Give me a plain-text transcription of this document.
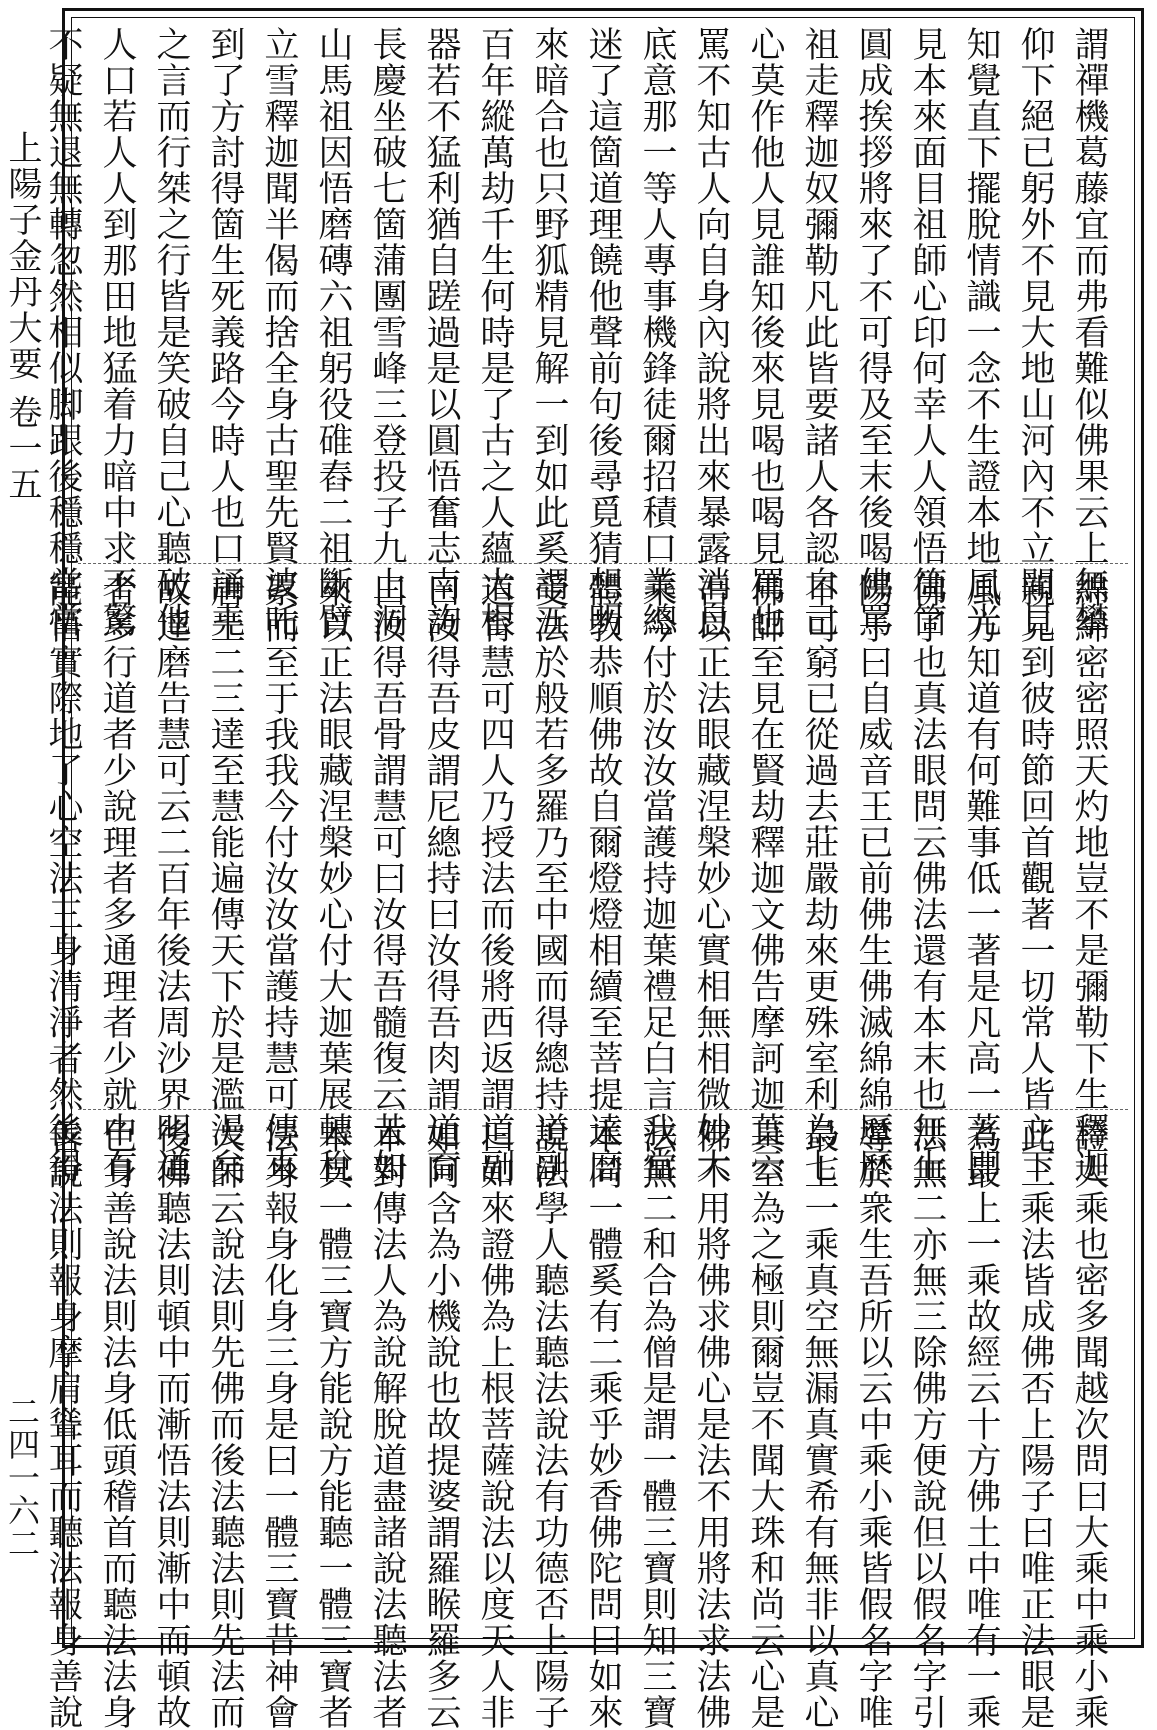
上陽子金丹大要 卷一五
二四一六二
謂禪機葛藤宜而弗看難似佛果云上無攀
仰下絕已躬外不見大地山河內不立聞見
知覺直下擺脫情識一念不生證本地風光
見本來面目祖師心印何幸人人領悟箇箇
圓成挨拶將來了不可得及至末後喝佛罵
祖走釋迦奴彌勒凡此皆要諸人各認自己
心莫作他人見誰知後來見喝也喝見罵也
罵不知古人向自身內說將出來暴露消息
底意那一等人專事機鋒徒爾招積口業總
迷了這箇道理饒他聲前句後尋覓猜想明
來暗合也只野狐精見解一到如此奚謂五
百年縱萬劫千生何時是了古之人蘊大根
器若不猛利猶自蹉過是以圓悟奮志南詢
長慶坐破七箇蒲團雪峰三登投子九上洞
山馬祖因悟磨磚六祖躬役碓舂二祖斷臂
立雪釋迦聞半偈而捨全身古聖先賢波吒
到了方討得箇生死義路今時人也口誦堯
之言而行桀之行皆是笑破自己心聽破他
人口若人人到那田地猛着力暗中求不驚
不疑無退無轉忽然相似脚跟後穩穩當當
綿綿密密照天灼地豈不是彌勒下生釋迦
親見到彼時節回首觀著一切常人皆立下
風方知道有何難事低一著是凡高一著即
佛了也真法眼問云佛法還有本末也無上
陽子曰自威音王已前佛生佛滅綿綿歷歷
不可窮已從過去莊嚴劫來更殊室利為七
佛師至見在賢劫釋迦文佛告摩訶迦葉云
吾以正法眼藏涅槃妙心實相無相微妙大
乘今付於汝汝當護持迦葉禮足白言我當
體教恭順佛故自爾燈燈相續至菩提達磨
受法於般若多羅乃至中國而得總持道副
道育慧可四人乃授法而後將西返謂道副
曰汝得吾皮謂尼總持曰汝得吾肉謂道育
曰汝得吾骨謂慧可曰汝得吾髓復云昔如
來以正法眼藏涅槃妙心付大迦葉展轉稅
累而至于我我今付汝汝當護持慧可傳來
唐土二三達至慧能遍傳天下於是濫漫矣
故達磨告慧可云二百年後法周沙界明道
者多行道者少說理者多通理者少就中有
能悟實際地了心空法三身清淨者然後得
證大乘也密多聞越次問曰大乘中乘小乘
此三乘法皆成佛否上陽子曰唯正法眼是
為最上一乘故經云十方佛土中唯有一乘
法無二亦無三除佛方便說但以假名字引
導於衆生吾所以云中乘小乘皆假名字唯
最上一乘真空無漏真實希有無非以真心
真空為之極則爾豈不聞大珠和尚云心是
佛不用將佛求佛心是法不用將法求法佛
法無二和合為僧是謂一體三寶則知三寶
本同一體奚有二乘乎妙香佛陀問曰如來
說法學人聽法聽法說法有功德否上陽子
曰如來證佛為上根菩薩說法以度天人非
如阿含為小機說也故提婆謂羅睺羅多云
本對傳法人為說解脫道盡諸說法聽法者
本具一體三寶方能說方能聽一體三寶者
法身報身化身三身是曰一體三寶昔神會
大師云說法則先佛而後法聽法則先法而
後佛聽法則頓中而漸悟法則漸中而頓故
色身善說法則法身低頭稽首而聽法法身
善說法則報身摩肩聳耳而聽法報身善說
